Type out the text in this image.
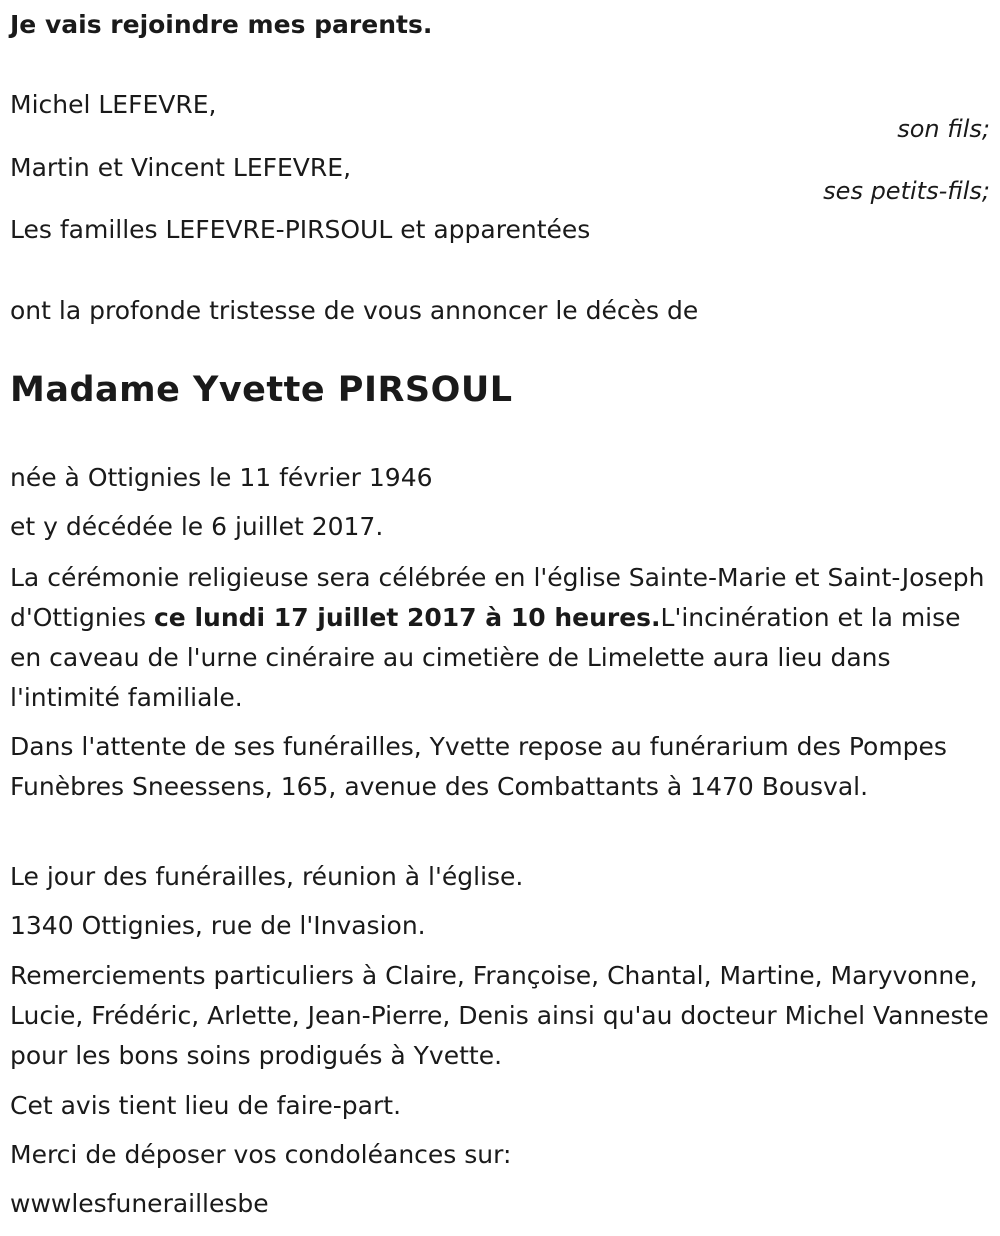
Je vais rejoindre mes parents.
Michel LEFEVRE,
son fils;
Martin et Vincent LEFEVRE,
ses petits-fils;
Les familles LEFEVRE-PIRSOUL et apparentées
ont la profonde tristesse de vous annoncer le décès de
Madame Yvette PIRSOUL
née à Ottignies le 11 février 1946
et y décédée le 6 juillet 2017.

La cérémonie religieuse sera célébrée en l'église Sainte-Marie et Saint-Joseph d'Ottignies ce lundi 17 juillet 2017 à 10 heures.L'incinération et la mise en caveau de l'urne cinéraire au cimetière de Limelette aura lieu dans l'intimité familiale.

Dans l'attente de ses funérailles, Yvette repose au funérarium des Pompes Funèbres Sneessens, 165, avenue des Combattants à 1470 Bousval.

Le jour des funérailles, réunion à l'église.
1340 Ottignies, rue de l'Invasion.

Remerciements particuliers à Claire, Françoise, Chantal, Martine, Maryvonne, Lucie, Frédéric, Arlette, Jean-Pierre, Denis ainsi qu'au docteur Michel Vanneste pour les bons soins prodigués à Yvette.

Cet avis tient lieu de faire-part.
Merci de déposer vos condoléances sur:
wwwlesfuneraillesbe
